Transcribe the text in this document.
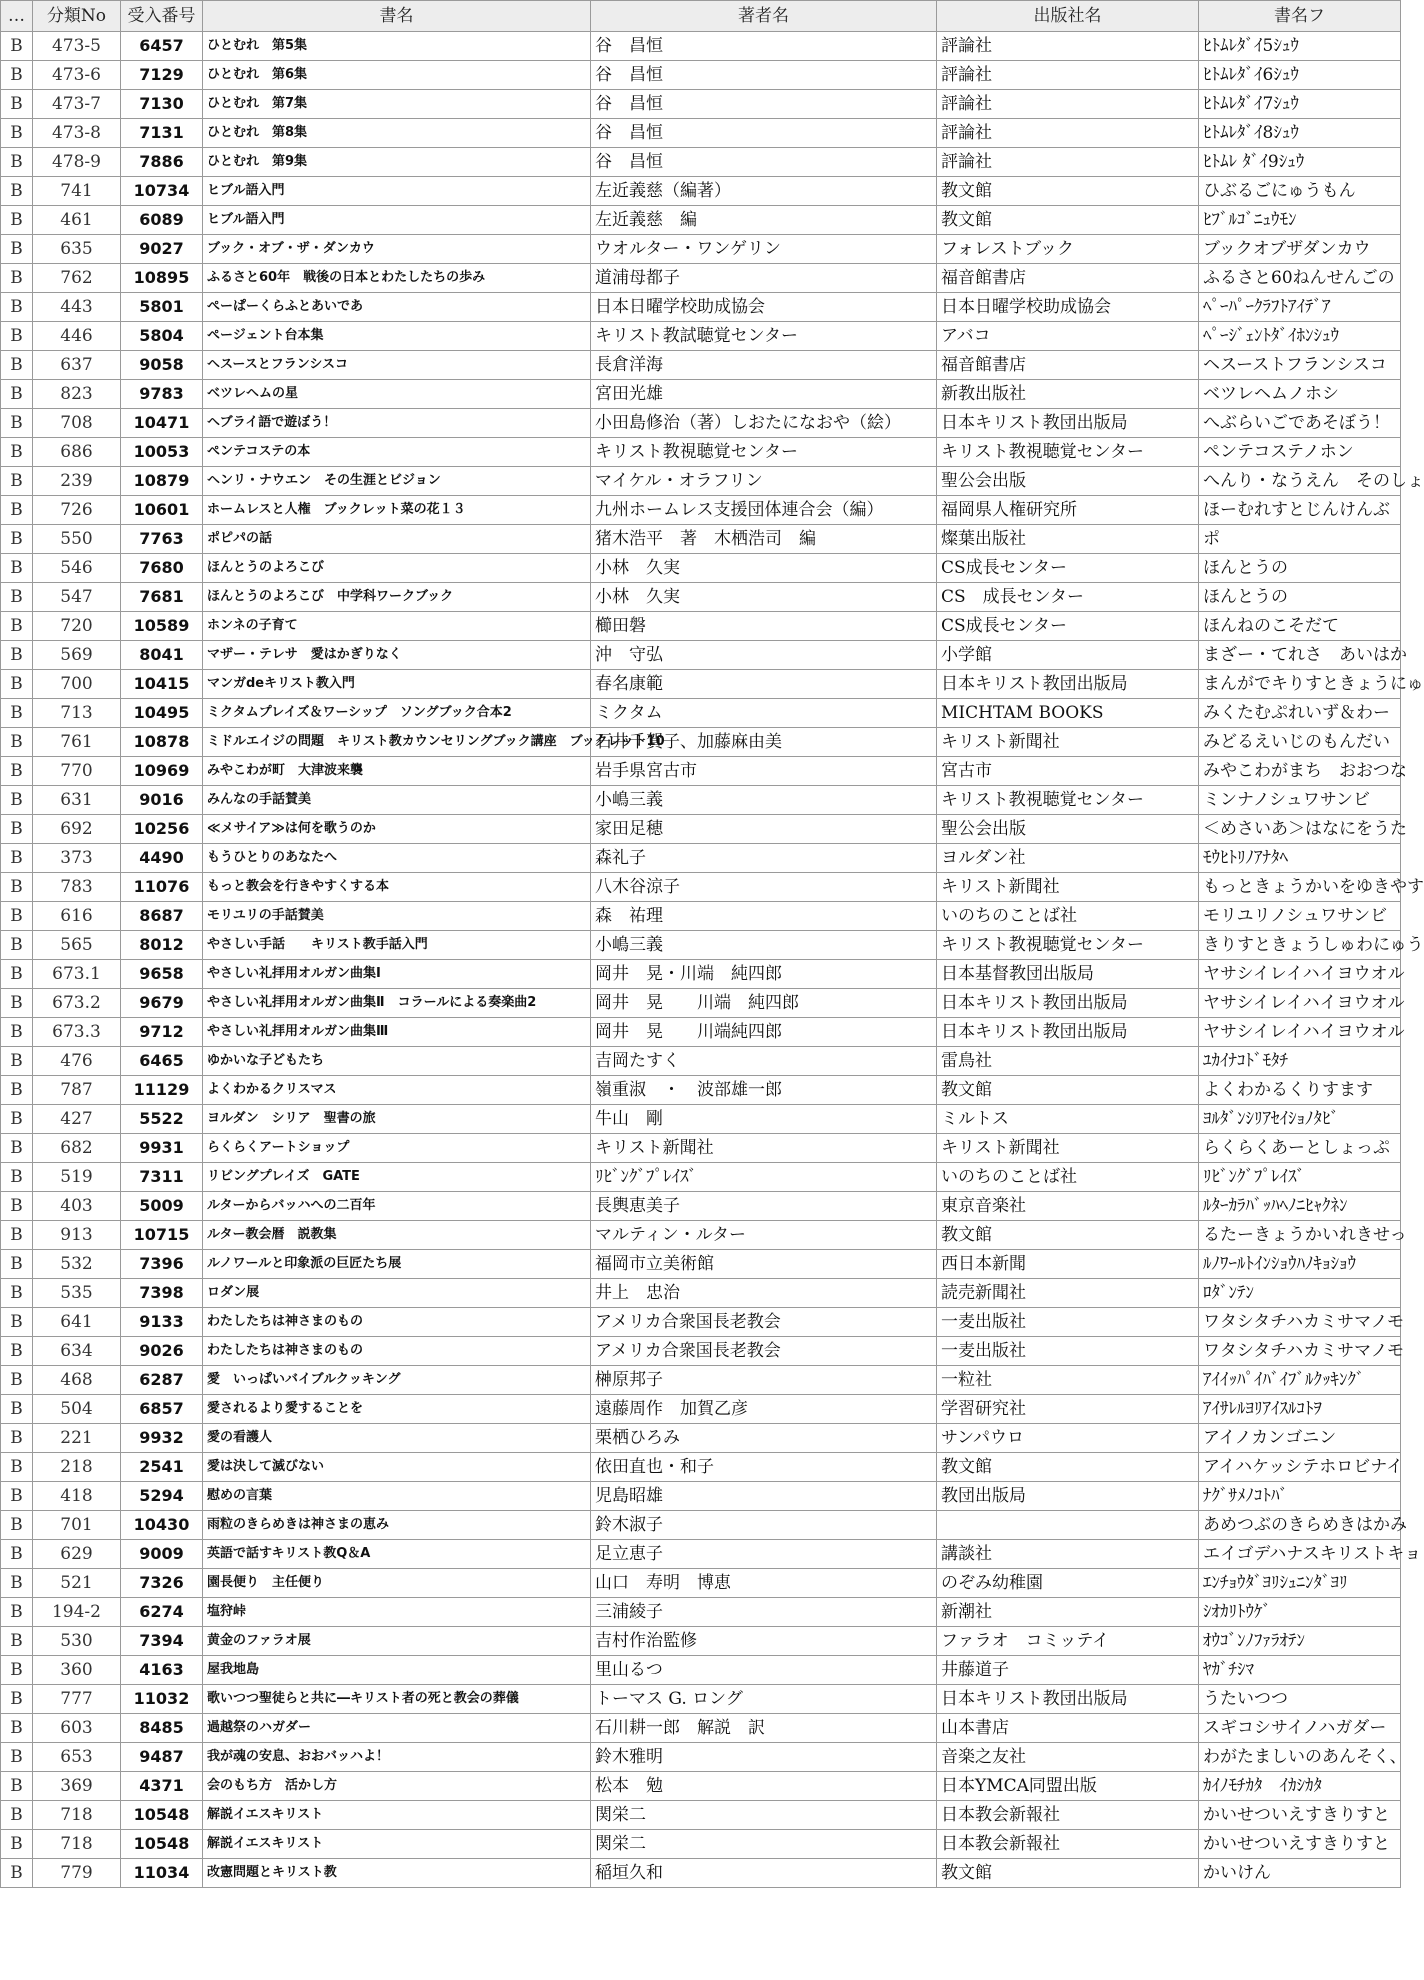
…	分類No	受入番号	書名	著者名	出版社名	書名フ
B	473-5	6457	ひとむれ　第5集	谷　昌恒	評論社	ﾋﾄﾑﾚﾀﾞｲ5ｼｭｳ
B	473-6	7129	ひとむれ　第6集	谷　昌恒	評論社	ﾋﾄﾑﾚﾀﾞｲ6ｼｭｳ
B	473-7	7130	ひとむれ　第7集	谷　昌恒	評論社	ﾋﾄﾑﾚﾀﾞｲ7ｼｭｳ
B	473-8	7131	ひとむれ　第8集	谷　昌恒	評論社	ﾋﾄﾑﾚﾀﾞｲ8ｼｭｳ
B	478-9	7886	ひとむれ　第9集	谷　昌恒	評論社	ﾋﾄﾑﾚ ﾀﾞｲ9ｼｭｳ
B	741	10734	ヒブル語入門	左近義慈（編著）	教文館	ひぶるごにゅうもん
B	461	6089	ヒブル語入門	左近義慈　編	教文館	ﾋﾌﾞﾙｺﾞﾆｭｳﾓﾝ
B	635	9027	ブック・オブ・ザ・ダンカウ	ウオルター・ワンゲリン	フォレストブック	ブックオブザダンカウ
B	762	10895	ふるさと60年　戦後の日本とわたしたちの歩み	道浦母都子	福音館書店	ふるさと60ねんせんごの
B	443	5801	ぺーぱーくらふとあいであ	日本日曜学校助成協会	日本日曜学校助成協会	ﾍﾟｰﾊﾟｰｸﾗﾌﾄｱｲﾃﾞｱ
B	446	5804	ページェント台本集	キリスト教試聴覚センター	アバコ	ﾍﾟｰｼﾞｪﾝﾄﾀﾞｲﾎﾝｼｭｳ
B	637	9058	ヘスースとフランシスコ	長倉洋海	福音館書店	ヘスーストフランシスコ
B	823	9783	ベツレヘムの星	宮田光雄	新教出版社	ベツレヘムノホシ
B	708	10471	ヘブライ語で遊ぼう！	小田島修治（著）しおたになおや（絵）	日本キリスト教団出版局	へぶらいごであそぼう！
B	686	10053	ペンテコステの本	キリスト教視聴覚センター	キリスト教視聴覚センター	ペンテコステノホン
B	239	10879	ヘンリ・ナウエン　その生涯とビジョン	マイケル・オラフリン	聖公会出版	へんり・なうえん　そのしょ
B	726	10601	ホームレスと人権　ブックレット菜の花１３	九州ホームレス支援団体連合会（編）	福岡県人権研究所	ほーむれすとじんけんぶ
B	550	7763	ポピパの話	猪木浩平　著　木栖浩司　編	燦葉出版社	ポ
B	546	7680	ほんとうのよろこび	小林　久実	CS成長センター	ほんとうの
B	547	7681	ほんとうのよろこび　中学科ワークブック	小林　久実	CS　成長センター	ほんとうの
B	720	10589	ホンネの子育て	櫛田磐	CS成長センター	ほんねのこそだて
B	569	8041	マザー・テレサ　愛はかぎりなく	沖　守弘	小学館	まざー・てれさ　あいはか
B	700	10415	マンガdeキリスト教入門	春名康範	日本キリスト教団出版局	まんがでキりすときょうにゅ
B	713	10495	ミクタムプレイズ＆ワーシップ　ソングブック合本2	ミクタム	MICHTAM BOOKS	みくたむぷれいず＆わー
B	761	10878	ミドルエイジの問題　キリスト教カウンセリングブック講座　ブックレット10	石井千賀子、加藤麻由美	キリスト新聞社	みどるえいじのもんだい
B	770	10969	みやこわが町　大津波来襲	岩手県宮古市	宮古市	みやこわがまち　おおつな
B	631	9016	みんなの手話賛美	小嶋三義	キリスト教視聴覚センター	ミンナノシュワサンビ
B	692	10256	≪メサイア≫は何を歌うのか	家田足穂	聖公会出版	＜めさいあ＞はなにをうた
B	373	4490	もうひとりのあなたへ	森礼子	ヨルダン社	ﾓｳﾋﾄﾘﾉｱﾅﾀﾍ
B	783	11076	もっと教会を行きやすくする本	八木谷涼子	キリスト新聞社	もっときょうかいをゆきやす
B	616	8687	モリユリの手話賛美	森　祐理	いのちのことば社	モリユリノシュワサンビ
B	565	8012	やさしい手話　　キリスト教手話入門	小嶋三義	キリスト教視聴覚センター	きりすときょうしゅわにゅう
B	673.1	9658	やさしい礼拝用オルガン曲集Ⅰ	岡井　晃・川端　純四郎	日本基督教団出版局	ヤサシイレイハイヨウオル
B	673.2	9679	やさしい礼拝用オルガン曲集Ⅱ　コラールによる奏楽曲2	岡井　晃　　川端　純四郎	日本キリスト教団出版局	ヤサシイレイハイヨウオル
B	673.3	9712	やさしい礼拝用オルガン曲集Ⅲ	岡井　晃　　川端純四郎	日本キリスト教団出版局	ヤサシイレイハイヨウオル
B	476	6465	ゆかいな子どもたち	吉岡たすく	雷鳥社	ﾕｶｲﾅｺﾄﾞﾓﾀﾁ
B	787	11129	よくわかるクリスマス	嶺重淑　・　波部雄一郎	教文館	よくわかるくりすます
B	427	5522	ヨルダン　シリア　聖書の旅	牛山　剛	ミルトス	ﾖﾙﾀﾞﾝｼﾘｱｾｲｼｮﾉﾀﾋﾞ
B	682	9931	らくらくアートショップ	キリスト新聞社	キリスト新聞社	らくらくあーとしょっぷ
B	519	7311	リビングプレイズ　GATE	ﾘﾋﾞﾝｸﾞﾌﾟﾚｲｽﾞ	いのちのことば社	ﾘﾋﾞﾝｸﾞﾌﾟﾚｲｽﾞ
B	403	5009	ルターからバッハへの二百年	長輿恵美子	東京音楽社	ﾙﾀｰｶﾗﾊﾞｯﾊﾍﾉﾆﾋｬｸﾈﾝ
B	913	10715	ルター教会暦　説教集	マルティン・ルター	教文館	るたーきょうかいれきせっ
B	532	7396	ルノワールと印象派の巨匠たち展	福岡市立美術館	西日本新聞	ﾙﾉﾜｰﾙﾄｲﾝｼｮｳﾊﾉｷｮｼｮｳ
B	535	7398	ロダン展	井上　忠治	読売新聞社	ﾛﾀﾞﾝﾃﾝ
B	641	9133	わたしたちは神さまのもの	アメリカ合衆国長老教会	一麦出版社	ワタシタチハカミサマノモ
B	634	9026	わたしたちは神さまのもの	アメリカ合衆国長老教会	一麦出版社	ワタシタチハカミサマノモ
B	468	6287	愛　いっぱいバイブルクッキング	榊原邦子	一粒社	ｱｲｲｯﾊﾟｲﾊﾞｲﾌﾞﾙｸｯｷﾝｸﾞ
B	504	6857	愛されるより愛することを	遠藤周作　加賀乙彦	学習研究社	ｱｲｻﾚﾙﾖﾘｱｲｽﾙｺﾄｦ
B	221	9932	愛の看護人	栗栖ひろみ	サンパウロ	アイノカンゴニン
B	218	2541	愛は決して滅びない	依田直也・和子	教文館	アイハケッシテホロビナイ
B	418	5294	慰めの言葉	児島昭雄	教団出版局	ﾅｸﾞｻﾒﾉｺﾄﾊﾞ
B	701	10430	雨粒のきらめきは神さまの恵み	鈴木淑子		あめつぶのきらめきはかみ
B	629	9009	英語で話すキリスト教Q＆A	足立恵子	講談社	エイゴデハナスキリストキョ
B	521	7326	園長便り　主任便り	山口　寿明　博恵	のぞみ幼稚園	ｴﾝﾁｮｳﾀﾞﾖﾘｼｭﾆﾝﾀﾞﾖﾘ
B	194-2	6274	塩狩峠	三浦綾子	新潮社	ｼｵｶﾘﾄｳｹﾞ
B	530	7394	黄金のファラオ展	吉村作治監修	ファラオ　コミッテイ	ｵｳｺﾞﾝﾉﾌｧﾗｵﾃﾝ
B	360	4163	屋我地島	里山るつ	井藤道子	ﾔｶﾞﾁｼﾏ
B	777	11032	歌いつつ聖徒らと共に―キリスト者の死と教会の葬儀	トーマス G. ロング	日本キリスト教団出版局	うたいつつ
B	603	8485	過越祭のハガダー	石川耕一郎　解説　訳	山本書店	スギコシサイノハガダー
B	653	9487	我が魂の安息、おおバッハよ！	鈴木雅明	音楽之友社	わがたましいのあんそく、
B	369	4371	会のもち方　活かし方	松本　勉	日本YMCA同盟出版	ｶｲﾉﾓﾁｶﾀ　ｲｶｼｶﾀ
B	718	10548	解説イエスキリスト	関栄二	日本教会新報社	かいせついえすきりすと
B	718	10548	解説イエスキリスト	関栄二	日本教会新報社	かいせついえすきりすと
B	779	11034	改憲問題とキリスト教	稲垣久和	教文館	かいけん
